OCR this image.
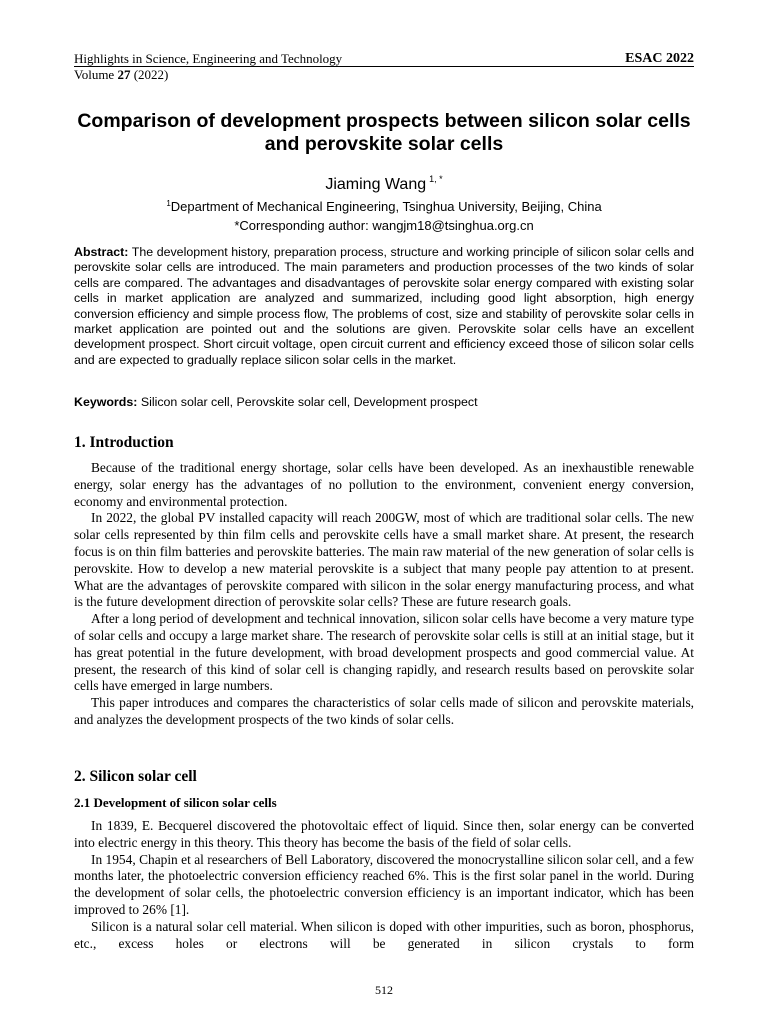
Highlights in Science, Engineering and Technology	ESAC 2022
Volume 27 (2022)
Comparison of development prospects between silicon solar cells and perovskite solar cells
Jiaming Wang $^{1, *}$
$^1$Department of Mechanical Engineering, Tsinghua University, Beijing, China
*Corresponding author: wangjm18@tsinghua.org.cn
Abstract: The development history, preparation process, structure and working principle of silicon solar cells and perovskite solar cells are introduced. The main parameters and production processes of the two kinds of solar cells are compared. The advantages and disadvantages of perovskite solar energy compared with existing solar cells in market application are analyzed and summarized, including good light absorption, high energy conversion efficiency and simple process flow, The problems of cost, size and stability of perovskite solar cells in market application are pointed out and the solutions are given. Perovskite solar cells have an excellent development prospect. Short circuit voltage, open circuit current and efficiency exceed those of silicon solar cells and are expected to gradually replace silicon solar cells in the market.
Keywords: Silicon solar cell, Perovskite solar cell, Development prospect
1. Introduction

Because of the traditional energy shortage, solar cells have been developed. As an inexhaustible renewable energy, solar energy has the advantages of no pollution to the environment, convenient energy conversion, economy and environmental protection.

In 2022, the global PV installed capacity will reach 200GW, most of which are traditional solar cells. The new solar cells represented by thin film cells and perovskite cells have a small market share. At present, the research focus is on thin film batteries and perovskite batteries. The main raw material of the new generation of solar cells is perovskite. How to develop a new material perovskite is a subject that many people pay attention to at present. What are the advantages of perovskite compared with silicon in the solar energy manufacturing process, and what is the future development direction of perovskite solar cells? These are future research goals.

After a long period of development and technical innovation, silicon solar cells have become a very mature type of solar cells and occupy a large market share. The research of perovskite solar cells is still at an initial stage, but it has great potential in the future development, with broad development prospects and good commercial value. At present, the research of this kind of solar cell is changing rapidly, and research results based on perovskite solar cells have emerged in large numbers.

This paper introduces and compares the characteristics of solar cells made of silicon and perovskite materials, and analyzes the development prospects of the two kinds of solar cells.

2. Silicon solar cell
2.1 Development of silicon solar cells

In 1839, E. Becquerel discovered the photovoltaic effect of liquid. Since then, solar energy can be converted into electric energy in this theory. This theory has become the basis of the field of solar cells.

In 1954, Chapin et al researchers of Bell Laboratory, discovered the monocrystalline silicon solar cell, and a few months later, the photoelectric conversion efficiency reached 6%. This is the first solar panel in the world. During the development of solar cells, the photoelectric conversion efficiency is an important indicator, which has been improved to 26% [1].

Silicon is a natural solar cell material. When silicon is doped with other impurities, such as boron, phosphorus, etc., excess holes or electrons will be generated in silicon crystals to form

512
